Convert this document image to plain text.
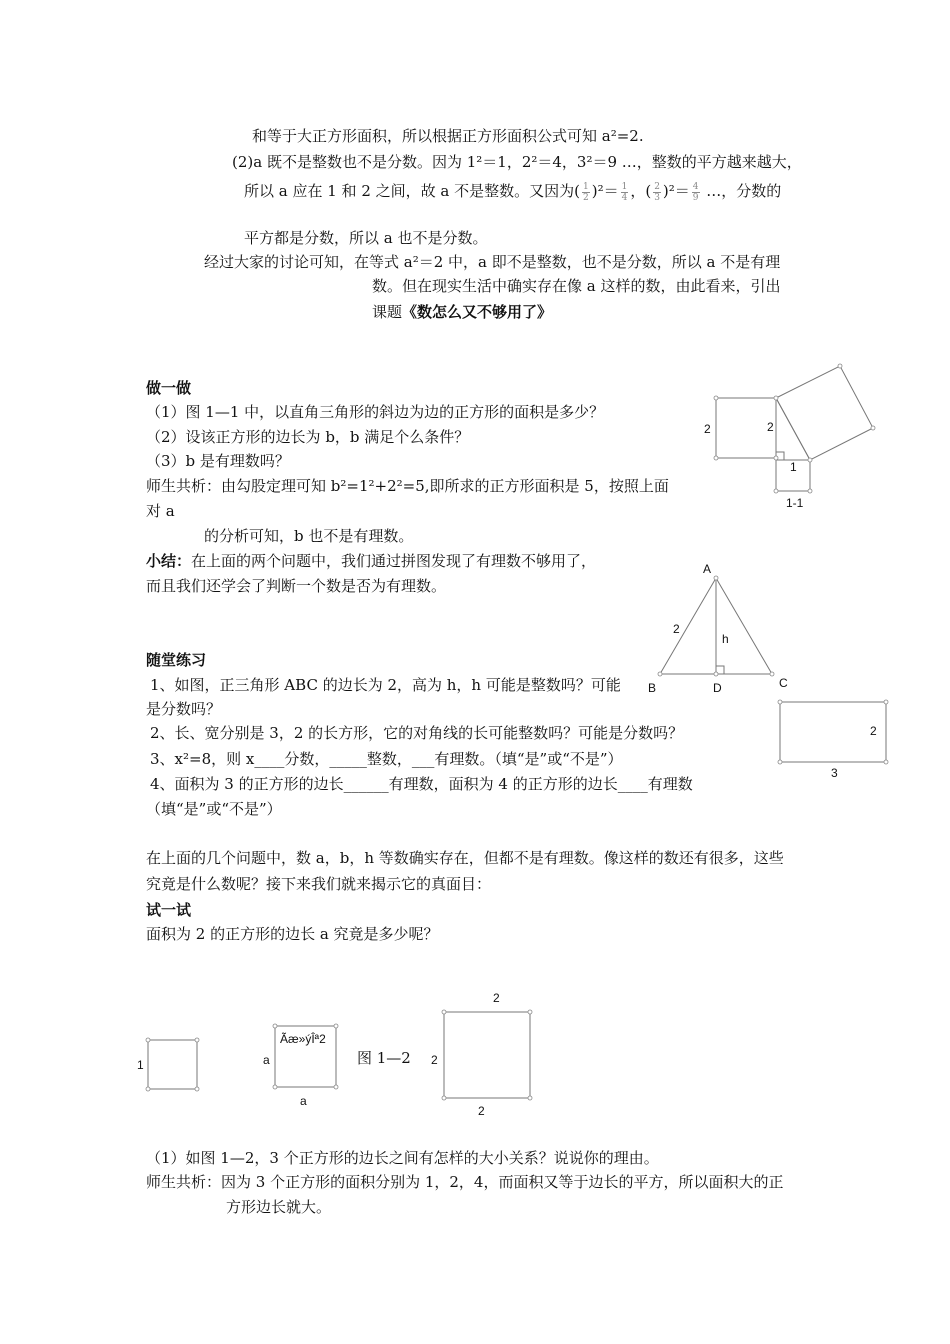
和等于大正方形面积，所以根据正方形面积公式可知 a²=2.
(2)a 既不是整数也不是分数。因为 1²＝1，2²＝4，3²＝9 …，整数的平方越来越大，
所以 a 应在 1 和 2 之间，故 a 不是整数。又因为( $\frac{1}{2} )^2= \frac{1}{4}$ ，( $\frac{2}{3} )^2= \frac{4}{9}$ …，分数的
平方都是分数，所以 a 也不是分数。
经过大家的讨论可知，在等式 a²＝2 中，a 即不是整数，也不是分数，所以 a 不是有理
数。但在现实生活中确实存在像 a 这样的数，由此看来，引出
课题《数怎么又不够用了》
做一做
（1）图 1—1 中，以直角三角形的斜边为边的正方形的面积是多少？
（2）设该正方形的边长为 b，b 满足个么条件？
（3）b 是有理数吗？
师生共析：由勾股定理可知 b²=1²+2²=5,即所求的正方形面积是 5，按照上面
对 a
的分析可知，b 也不是有理数。
小结：在上面的两个问题中，我们通过拼图发现了有理数不够用了，
而且我们还学会了判断一个数是否为有理数。
2	2
1
1-1
A
2
h
B	D	C
2
3
随堂练习
1、如图，正三角形 ABC 的边长为 2，高为 h，h 可能是整数吗？可能
是分数吗？
2、长、宽分别是 3，2 的长方形，它的对角线的长可能整数吗？可能是分数吗？
3、x²=8，则 x____分数，_____整数，___有理数。（填“是”或“不是”）
4、面积为 3 的正方形的边长______有理数，面积为 4 的正方形的边长____有理数
（填“是”或“不是”）
在上面的几个问题中，数 a，b，h 等数确实存在，但都不是有理数。像这样的数还有很多，这些
究竟是什么数呢？接下来我们就来揭示它的真面目：
试一试
面积为 2 的正方形的边长 a 究竟是多少呢？
1
Ãæ»ýÎª2
a
a
图 1—2
2
2
2
（1）如图 1—2，3 个正方形的边长之间有怎样的大小关系？说说你的理由。
师生共析：因为 3 个正方形的面积分别为 1，2，4，而面积又等于边长的平方，所以面积大的正
方形边长就大。
